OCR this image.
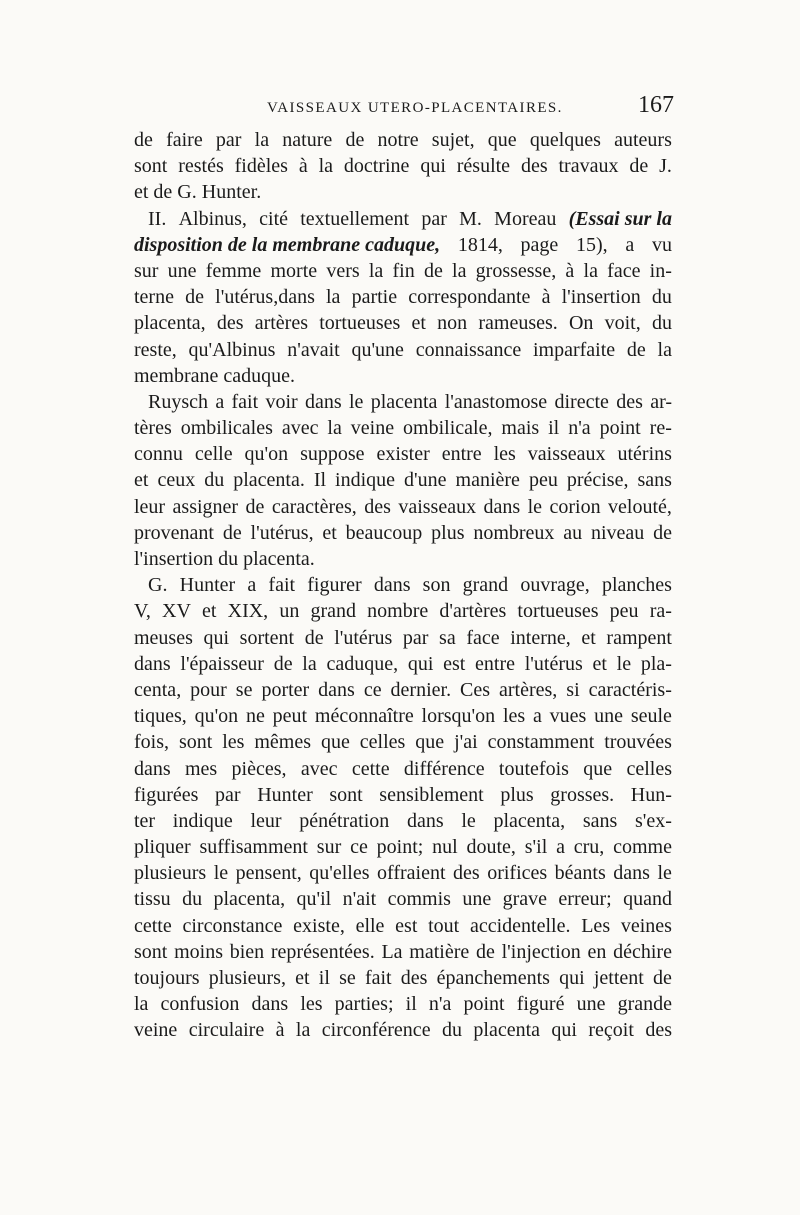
VAISSEAUX UTERO-PLACENTAIRES.	167
de faire par la nature de notre sujet, que quelques auteurs
sont restés fidèles à la doctrine qui résulte des travaux de J.
et de G. Hunter.
II. Albinus, cité textuellement par M. Moreau (Essai sur la
disposition de la membrane caduque, 1814, page 15), a vu
sur une femme morte vers la fin de la grossesse, à la face in-
terne de l'utérus,dans la partie correspondante à l'insertion du
placenta, des artères tortueuses et non rameuses. On voit, du
reste, qu'Albinus n'avait qu'une connaissance imparfaite de la
membrane caduque.
Ruysch a fait voir dans le placenta l'anastomose directe des ar-
tères ombilicales avec la veine ombilicale, mais il n'a point re-
connu celle qu'on suppose exister entre les vaisseaux utérins
et ceux du placenta. Il indique d'une manière peu précise, sans
leur assigner de caractères, des vaisseaux dans le corion velouté,
provenant de l'utérus, et beaucoup plus nombreux au niveau de
l'insertion du placenta.
G. Hunter a fait figurer dans son grand ouvrage, planches
V, XV et XIX, un grand nombre d'artères tortueuses peu ra-
meuses qui sortent de l'utérus par sa face interne, et rampent
dans l'épaisseur de la caduque, qui est entre l'utérus et le pla-
centa, pour se porter dans ce dernier. Ces artères, si caractéris-
tiques, qu'on ne peut méconnaître lorsqu'on les a vues une seule
fois, sont les mêmes que celles que j'ai constamment trouvées
dans mes pièces, avec cette différence toutefois que celles
figurées par Hunter sont sensiblement plus grosses. Hun-
ter indique leur pénétration dans le placenta, sans s'ex-
pliquer suffisamment sur ce point; nul doute, s'il a cru, comme
plusieurs le pensent, qu'elles offraient des orifices béants dans le
tissu du placenta, qu'il n'ait commis une grave erreur; quand
cette circonstance existe, elle est tout accidentelle. Les veines
sont moins bien représentées. La matière de l'injection en déchire
toujours plusieurs, et il se fait des épanchements qui jettent de
la confusion dans les parties; il n'a point figuré une grande
veine circulaire à la circonférence du placenta qui reçoit des
